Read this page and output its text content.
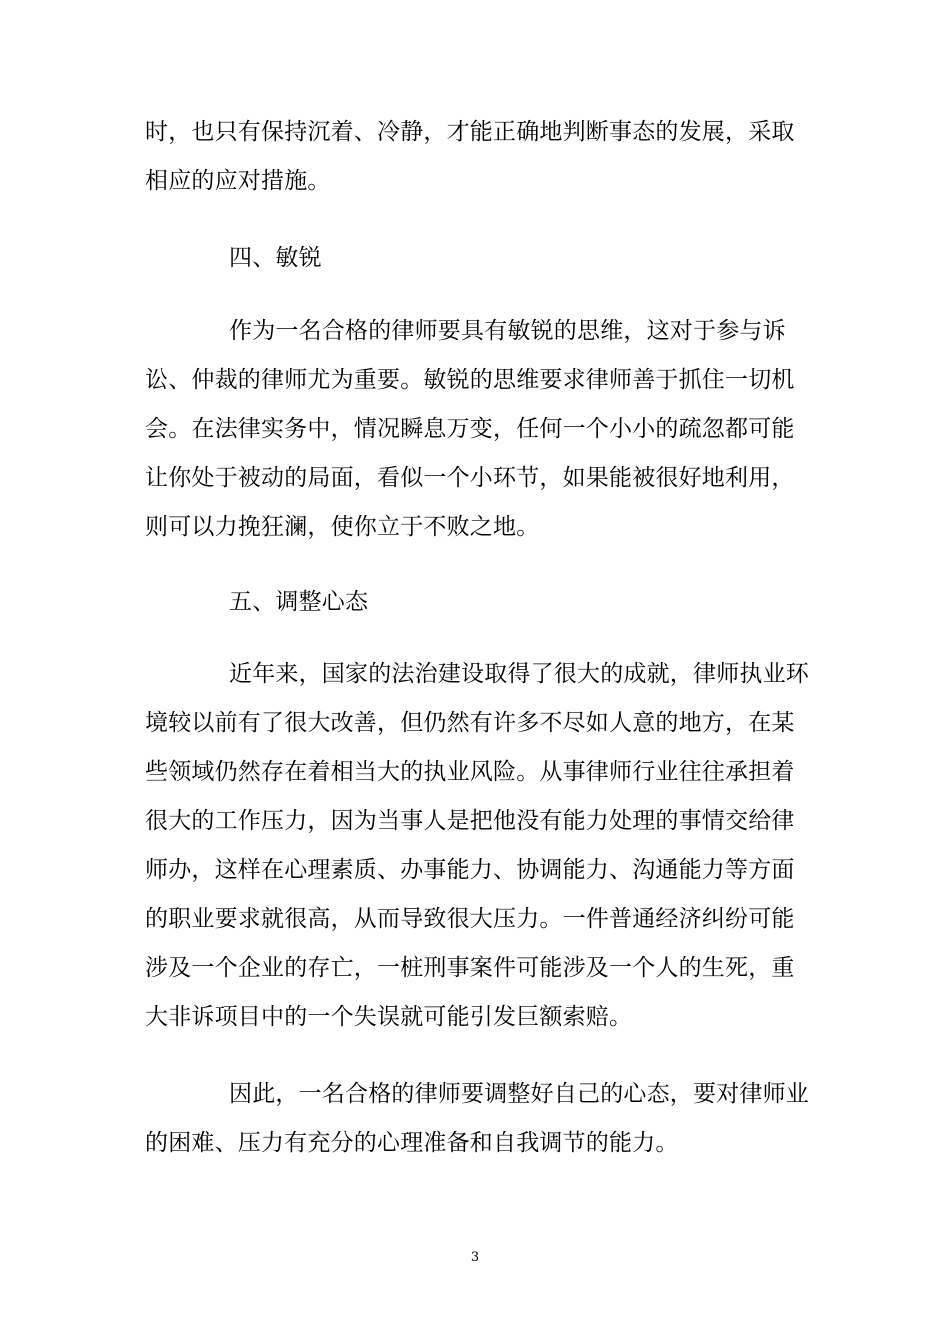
时，也只有保持沉着、冷静，才能正确地判断事态的发展，采取相应的应对措施。

四、敏锐

作为一名合格的律师要具有敏锐的思维，这对于参与诉讼、仲裁的律师尤为重要。敏锐的思维要求律师善于抓住一切机会。在法律实务中，情况瞬息万变，任何一个小小的疏忽都可能让你处于被动的局面，看似一个小环节，如果能被很好地利用，则可以力挽狂澜，使你立于不败之地。

五、调整心态

近年来，国家的法治建设取得了很大的成就，律师执业环境较以前有了很大改善，但仍然有许多不尽如人意的地方，在某些领域仍然存在着相当大的执业风险。从事律师行业往往承担着很大的工作压力，因为当事人是把他没有能力处理的事情交给律师办，这样在心理素质、办事能力、协调能力、沟通能力等方面的职业要求就很高，从而导致很大压力。一件普通经济纠纷可能涉及一个企业的存亡，一桩刑事案件可能涉及一个人的生死，重大非诉项目中的一个失误就可能引发巨额索赔。

因此，一名合格的律师要调整好自己的心态，要对律师业的困难、压力有充分的心理准备和自我调节的能力。

3
